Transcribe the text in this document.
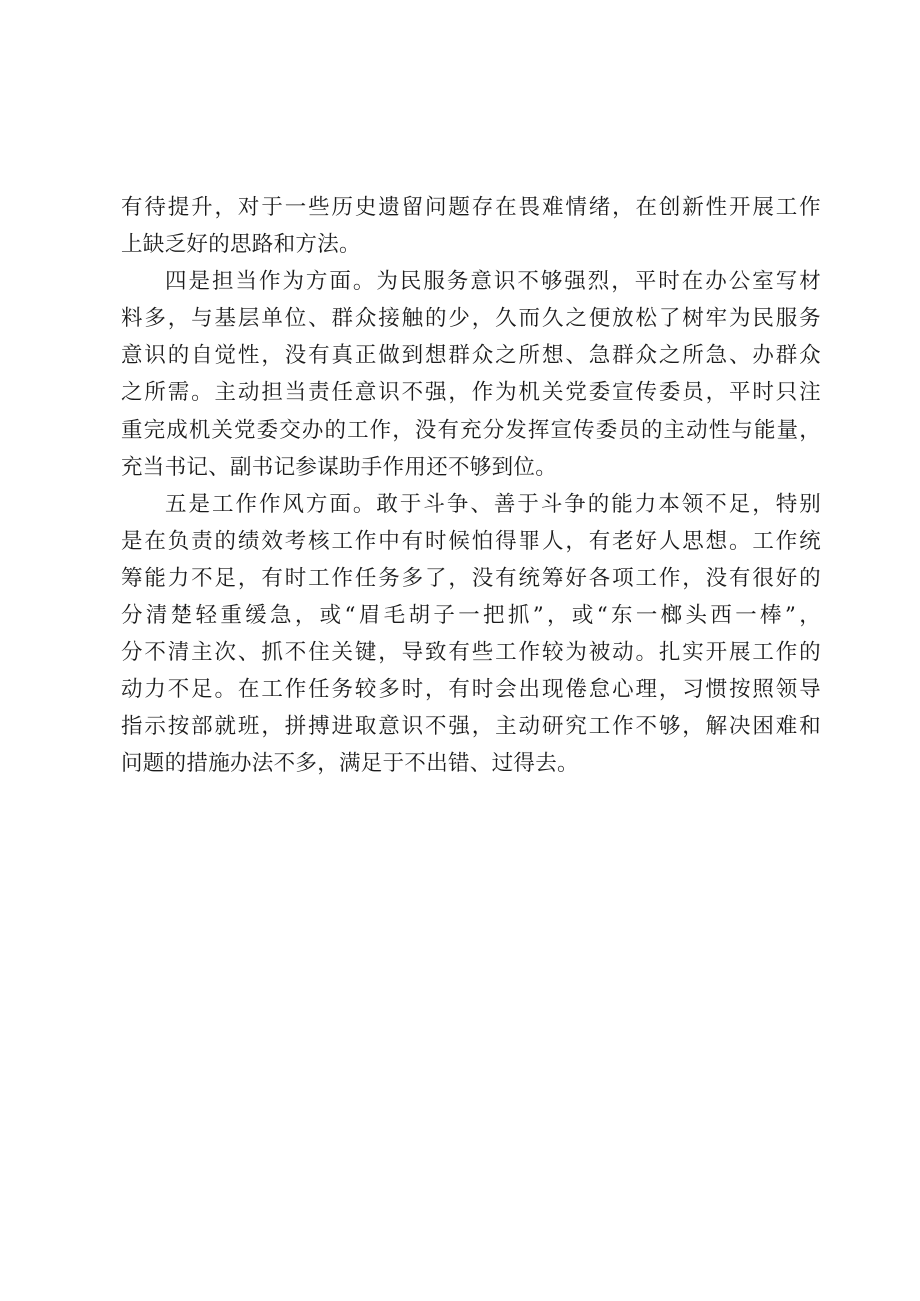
有待提升，对于一些历史遗留问题存在畏难情绪，在创新性开展工作
上缺乏好的思路和方法。
四是担当作为方面。为民服务意识不够强烈，平时在办公室写材
料多，与基层单位、群众接触的少，久而久之便放松了树牢为民服务
意识的自觉性，没有真正做到想群众之所想、急群众之所急、办群众
之所需。主动担当责任意识不强，作为机关党委宣传委员，平时只注
重完成机关党委交办的工作，没有充分发挥宣传委员的主动性与能量，
充当书记、副书记参谋助手作用还不够到位。
五是工作作风方面。敢于斗争、善于斗争的能力本领不足，特别
是在负责的绩效考核工作中有时候怕得罪人，有老好人思想。工作统
筹能力不足，有时工作任务多了，没有统筹好各项工作，没有很好的
分清楚轻重缓急，或“眉毛胡子一把抓”，或“东一榔头西一棒”，
分不清主次、抓不住关键，导致有些工作较为被动。扎实开展工作的
动力不足。在工作任务较多时，有时会出现倦怠心理，习惯按照领导
指示按部就班，拼搏进取意识不强，主动研究工作不够，解决困难和
问题的措施办法不多，满足于不出错、过得去。
